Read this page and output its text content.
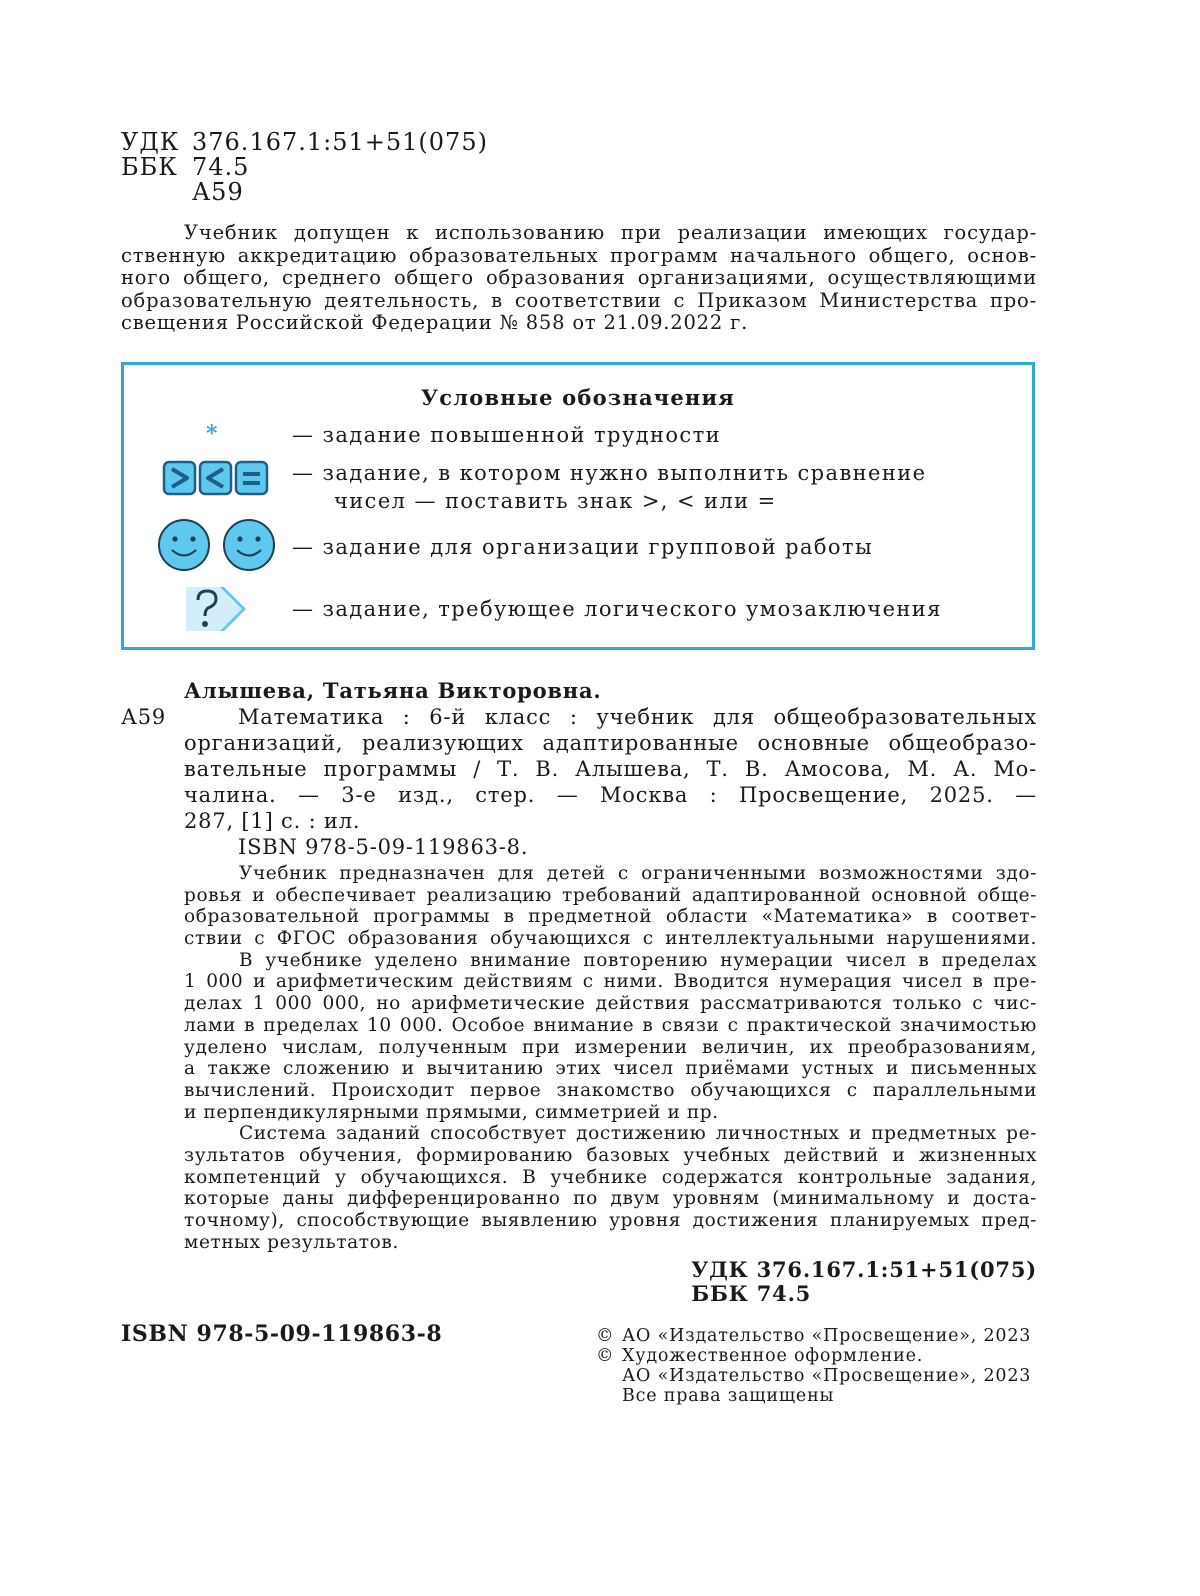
УДК 376.167.1:51+51(075)
ББК 74.5
А59
Учебник допущен к использованию при реализации имеющих государ-
ственную аккредитацию образовательных программ начального общего, основ-
ного общего, среднего общего образования организациями, осуществляющими
образовательную деятельность, в соответствии с Приказом Министерства про-
свещения Российской Федерации № 858 от 21.09.2022 г.
Условные обозначения
*	— задание повышенной трудности
— задание, в котором нужно выполнить сравнение
чисел — поставить знак >, < или =
— задание для организации групповой работы
— задание, требующее логического умозаключения
Алышева, Татьяна Викторовна.
А59	Математика : 6-й класс : учебник для общеобразовательных
организаций, реализующих адаптированные основные общеобразо-
вательные программы / Т. В. Алышева, Т. В. Амосова, М. А. Мо-
чалина. — 3-е изд., стер. — Москва : Просвещение, 2025. —
287, [1] с. : ил.
ISBN 978-5-09-119863-8.
Учебник предназначен для детей с ограниченными возможностями здо-
ровья и обеспечивает реализацию требований адаптированной основной обще-
образовательной программы в предметной области «Математика» в соответ-
ствии с ФГОС образования обучающихся с интеллектуальными нарушениями.
В учебнике уделено внимание повторению нумерации чисел в пределах
1 000 и арифметическим действиям с ними. Вводится нумерация чисел в пре-
делах 1 000 000, но арифметические действия рассматриваются только с чис-
лами в пределах 10 000. Особое внимание в связи с практической значимостью
уделено числам, полученным при измерении величин, их преобразованиям,
а также сложению и вычитанию этих чисел приёмами устных и письменных
вычислений. Происходит первое знакомство обучающихся с параллельными
и перпендикулярными прямыми, симметрией и пр.
Система заданий способствует достижению личностных и предметных ре-
зультатов обучения, формированию базовых учебных действий и жизненных
компетенций у обучающихся. В учебнике содержатся контрольные задания,
которые даны дифференцированно по двум уровням (минимальному и доста-
точному), способствующие выявлению уровня достижения планируемых пред-
метных результатов.
УДК 376.167.1:51+51(075)
ББК 74.5
ISBN 978-5-09-119863-8	© АО «Издательство «Просвещение», 2023
© Художественное оформление.
АО «Издательство «Просвещение», 2023
Все права защищены
